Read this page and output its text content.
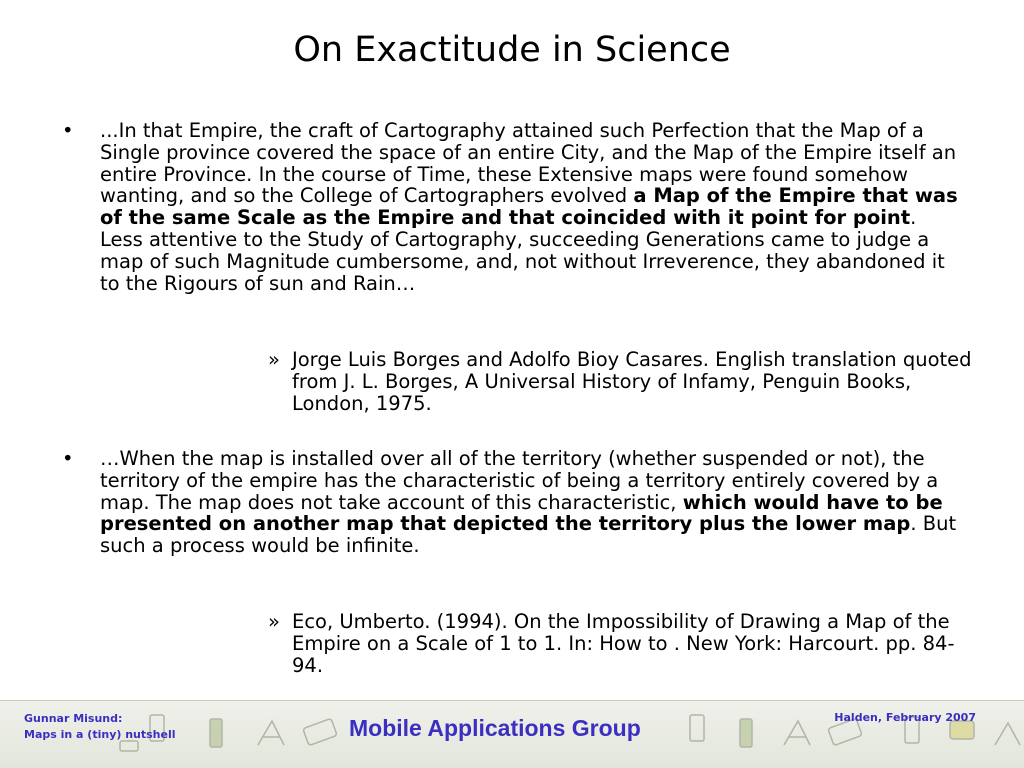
On Exactitude in Science
• ...In that Empire, the craft of Cartography attained such Perfection that the Map of a Single province covered the space of an entire City, and the Map of the Empire itself an entire Province. In the course of Time, these Extensive maps were found somehow wanting, and so the College of Cartographers evolved a Map of the Empire that was of the same Scale as the Empire and that coincided with it point for point. Less attentive to the Study of Cartography, succeeding Generations came to judge a map of such Magnitude cumbersome, and, not without Irreverence, they abandoned it to the Rigours of sun and Rain…
» Jorge Luis Borges and Adolfo Bioy Casares. English translation quoted from J. L. Borges, A Universal History of Infamy, Penguin Books, London, 1975.
• …When the map is installed over all of the territory (whether suspended or not), the territory of the empire has the characteristic of being a territory entirely covered by a map. The map does not take account of this characteristic, which would have to be presented on another map that depicted the territory plus the lower map. But such a process would be infinite.
» Eco, Umberto. (1994). On the Impossibility of Drawing a Map of the Empire on a Scale of 1 to 1. In: How to . New York: Harcourt. pp. 84-94.
Gunnar Misund:
Maps in a (tiny) nutshell	Mobile Applications Group	Halden, February 2007
